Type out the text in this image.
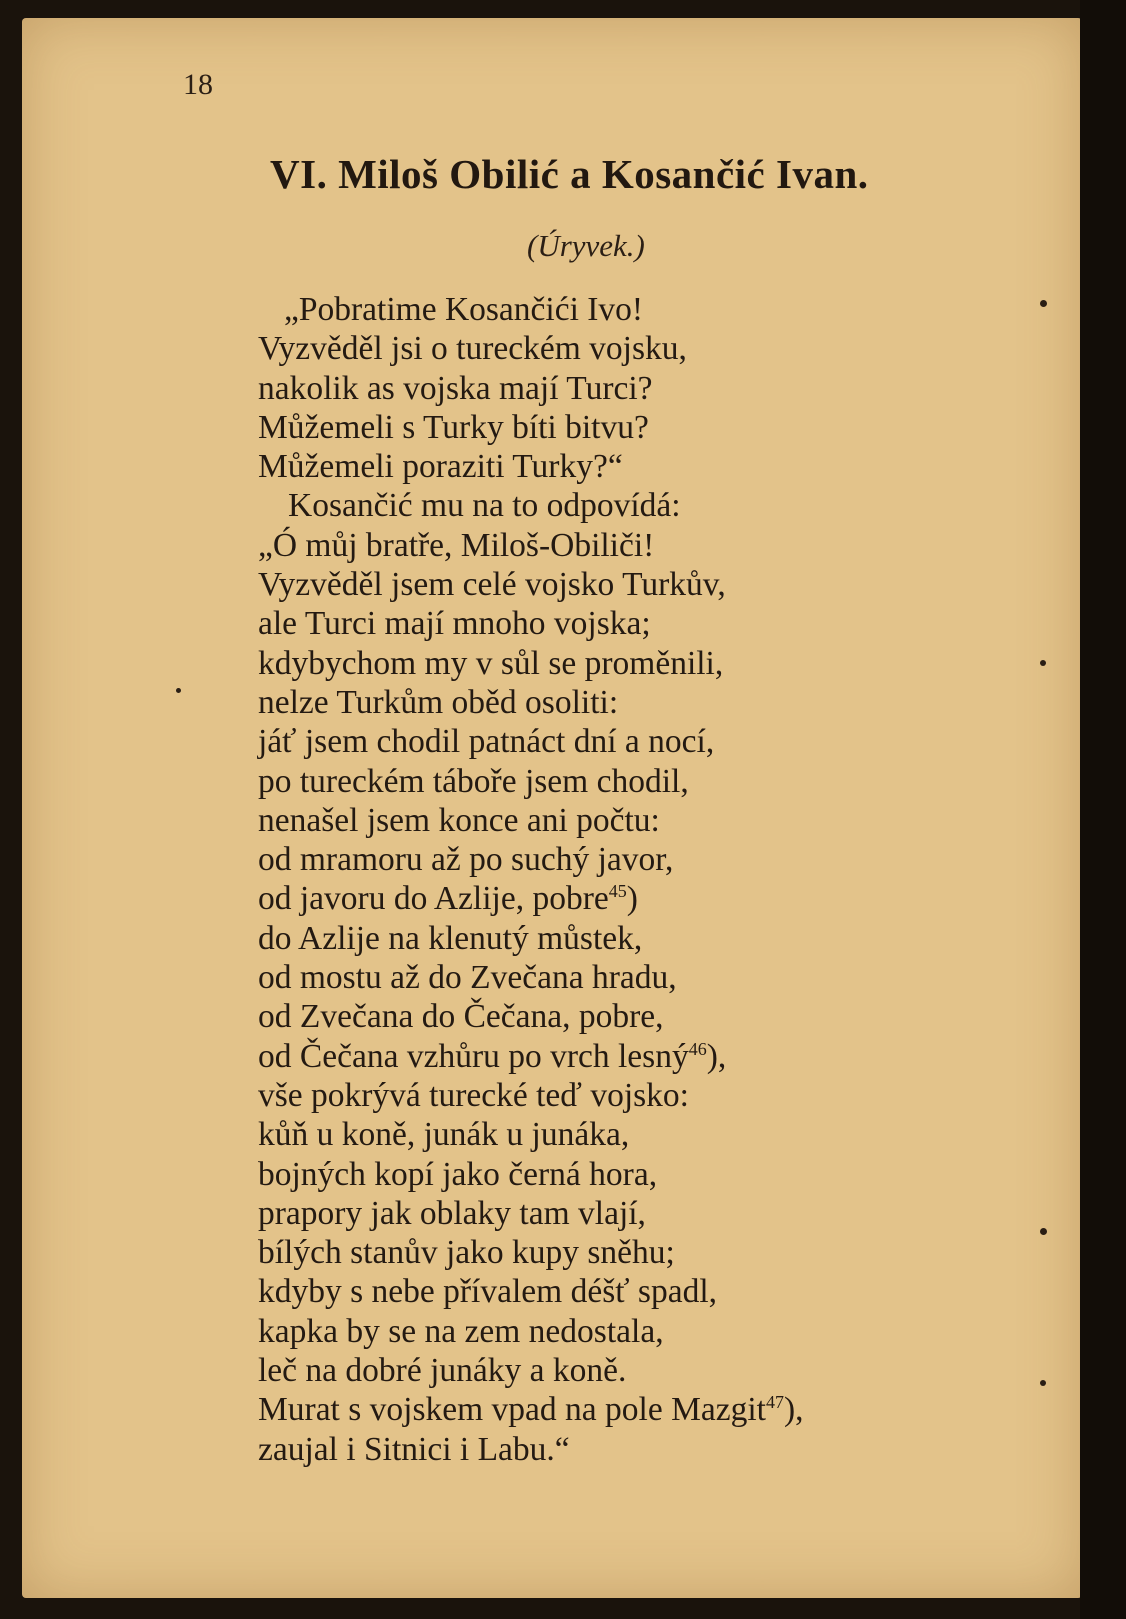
18
VI. Miloš Obilić a Kosančić Ivan.
(Úryvek.)
„Pobratime Kosančići Ivo!
Vyzvěděl jsi o tureckém vojsku,
nakolik as vojska mají Turci?
Můžemeli s Turky bíti bitvu?
Můžemeli poraziti Turky?“
Kosančić mu na to odpovídá:
„Ó můj bratře, Miloš-Obiliči!
Vyzvěděl jsem celé vojsko Turkův,
ale Turci mají mnoho vojska;
kdybychom my v sůl se proměnili,
nelze Turkům oběd osoliti:
jáť jsem chodil patnáct dní a nocí,
po tureckém táboře jsem chodil,
nenašel jsem konce ani počtu:
od mramoru až po suchý javor,
od javoru do Azlije, pobre$^{45}$)
do Azlije na klenutý můstek,
od mostu až do Zvečana hradu,
od Zvečana do Čečana, pobre,
od Čečana vzhůru po vrch lesný$^{46}$),
vše pokrývá turecké teď vojsko:
kůň u koně, junák u junáka,
bojných kopí jako černá hora,
prapory jak oblaky tam vlají,
bílých stanův jako kupy sněhu;
kdyby s nebe přívalem déšť spadl,
kapka by se na zem nedostala,
leč na dobré junáky a koně.
Murat s vojskem vpad na pole Mazgit$^{47}$),
zaujal i Sitnici i Labu.“
